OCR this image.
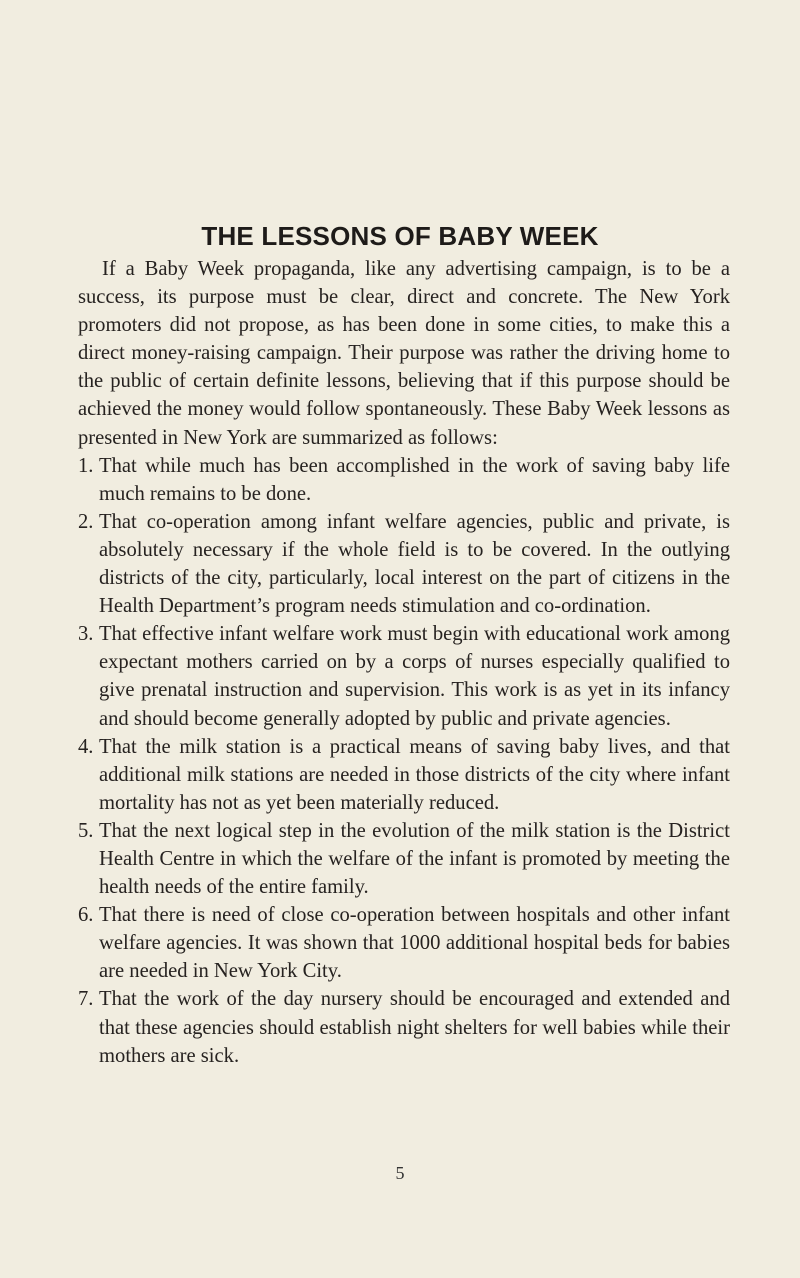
THE LESSONS OF BABY WEEK

If a Baby Week propaganda, like any advertising campaign, is to be a success, its purpose must be clear, direct and concrete. The New York promoters did not propose, as has been done in some cities, to make this a direct money-raising campaign. Their purpose was rather the driving home to the public of certain definite lessons, believing that if this purpose should be achieved the money would follow spontaneously. These Baby Week lessons as presented in New York are summarized as follows:

1. That while much has been accomplished in the work of saving baby life much remains to be done.
2. That co-operation among infant welfare agencies, public and private, is absolutely necessary if the whole field is to be covered. In the outlying districts of the city, particularly, local interest on the part of citizens in the Health Department’s program needs stimulation and co-ordination.
3. That effective infant welfare work must begin with educational work among expectant mothers carried on by a corps of nurses especially qualified to give prenatal instruction and supervision. This work is as yet in its infancy and should become generally adopted by public and private agencies.
4. That the milk station is a practical means of saving baby lives, and that additional milk stations are needed in those districts of the city where infant mortality has not as yet been materially reduced.
5. That the next logical step in the evolution of the milk station is the District Health Centre in which the welfare of the infant is promoted by meeting the health needs of the entire family.
6. That there is need of close co-operation between hospitals and other infant welfare agencies. It was shown that 1000 additional hospital beds for babies are needed in New York City.
7. That the work of the day nursery should be encouraged and extended and that these agencies should establish night shelters for well babies while their mothers are sick.
5
